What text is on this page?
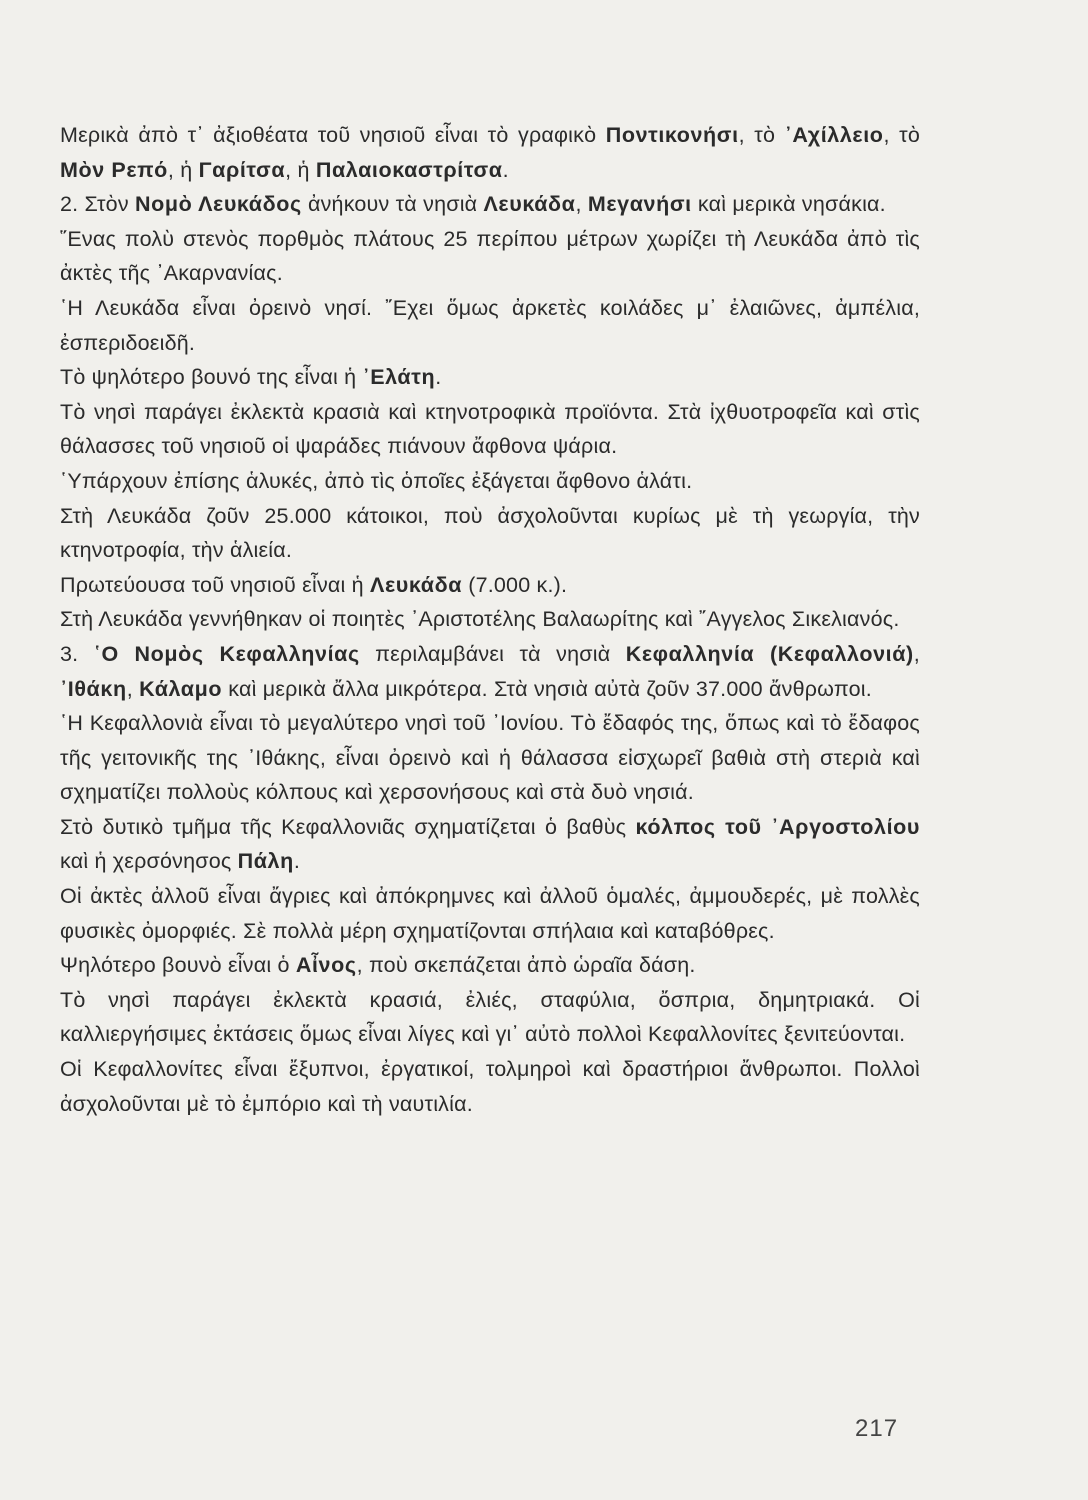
Μερικὰ ἀπὸ τ᾿ ἀξιοθέατα τοῦ νησιοῦ εἶναι τὸ γραφικὸ Ποντικονήσι, τὸ ᾿Αχίλλειο, τὸ Μὸν Ρεπό, ἡ Γαρίτσα, ἡ Παλαιοκαστρίτσα.

2. Στὸν Νομὸ Λευκάδος ἀνήκουν τὰ νησιὰ Λευκάδα, Μεγανήσι καὶ μερικὰ νησάκια.

῞Ενας πολὺ στενὸς πορθμὸς πλάτους 25 περίπου μέτρων χωρίζει τὴ Λευκάδα ἀπὸ τὶς ἀκτὲς τῆς ᾿Ακαρνανίας.

῾Η Λευκάδα εἶναι ὀρεινὸ νησί. ῎Εχει ὅμως ἀρκετὲς κοιλάδες μ᾿ ἐλαιῶνες, ἀμπέλια, ἐσπεριδοειδῆ.

Τὸ ψηλότερο βουνό της εἶναι ἡ ᾿Ελάτη.

Τὸ νησὶ παράγει ἐκλεκτὰ κρασιὰ καὶ κτηνοτροφικὰ προϊόντα. Στὰ ἰχθυοτροφεῖα καὶ στὶς θάλασσες τοῦ νησιοῦ οἱ ψαράδες πιάνουν ἄφθονα ψάρια.

῾Υπάρχουν ἐπίσης ἁλυκές, ἀπὸ τὶς ὁποῖες ἐξάγεται ἄφθονο ἁλάτι.

Στὴ Λευκάδα ζοῦν 25.000 κάτοικοι, ποὺ ἀσχολοῦνται κυρίως μὲ τὴ γεωργία, τὴν κτηνοτροφία, τὴν ἁλιεία.

Πρωτεύουσα τοῦ νησιοῦ εἶναι ἡ Λευκάδα (7.000 κ.).

Στὴ Λευκάδα γεννήθηκαν οἱ ποιητὲς ᾿Αριστοτέλης Βαλαωρίτης καὶ ῎Αγγελος Σικελιανός.

3. ῾Ο Νομὸς Κεφαλληνίας περιλαμβάνει τὰ νησιὰ Κεφαλληνία (Κεφαλλονιά), ᾿Ιθάκη, Κάλαμο καὶ μερικὰ ἄλλα μικρότερα. Στὰ νησιὰ αὐτὰ ζοῦν 37.000 ἄνθρωποι.

῾Η Κεφαλλονιὰ εἶναι τὸ μεγαλύτερο νησὶ τοῦ ᾿Ιονίου. Τὸ ἔδαφός της, ὅπως καὶ τὸ ἔδαφος τῆς γειτονικῆς της ᾿Ιθάκης, εἶναι ὀρεινὸ καὶ ἡ θάλασσα εἰσχωρεῖ βαθιὰ στὴ στεριὰ καὶ σχηματίζει πολλοὺς κόλπους καὶ χερσονήσους καὶ στὰ δυὸ νησιά.

Στὸ δυτικὸ τμῆμα τῆς Κεφαλλονιᾶς σχηματίζεται ὁ βαθὺς κόλπος τοῦ ᾿Αργοστολίου καὶ ἡ χερσόνησος Πάλη.

Οἱ ἀκτὲς ἀλλοῦ εἶναι ἄγριες καὶ ἀπόκρημνες καὶ ἀλλοῦ ὁμαλές, ἀμμουδερές, μὲ πολλὲς φυσικὲς ὀμορφιές. Σὲ πολλὰ μέρη σχηματίζονται σπήλαια καὶ καταβόθρες.

Ψηλότερο βουνὸ εἶναι ὁ Αἶνος, ποὺ σκεπάζεται ἀπὸ ὡραῖα δάση.

Τὸ νησὶ παράγει ἐκλεκτὰ κρασιά, ἐλιές, σταφύλια, ὄσπρια, δημητριακά. Οἱ καλλιεργήσιμες ἐκτάσεις ὅμως εἶναι λίγες καὶ γι᾿ αὐτὸ πολλοὶ Κεφαλλονίτες ξενιτεύονται.

Οἱ Κεφαλλονίτες εἶναι ἔξυπνοι, ἐργατικοί, τολμηροὶ καὶ δραστήριοι ἄνθρωποι. Πολλοὶ ἀσχολοῦνται μὲ τὸ ἐμπόριο καὶ τὴ ναυτιλία.

217
